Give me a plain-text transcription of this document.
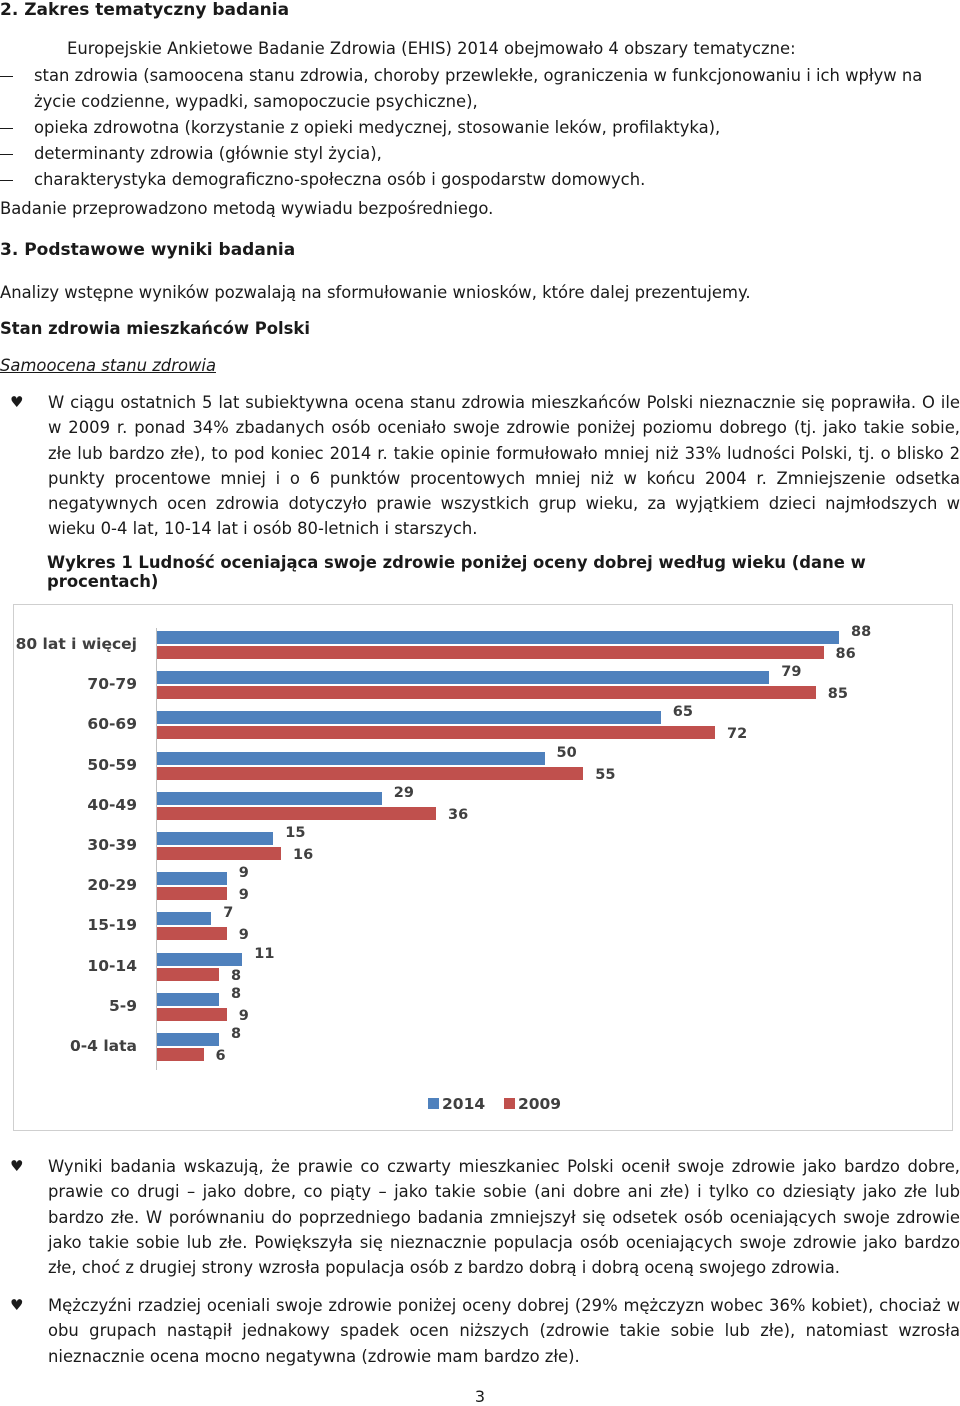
2. Zakres tematyczny badania
Europejskie Ankietowe Badanie Zdrowia (EHIS) 2014 obejmowało 4 obszary tematyczne:
stan zdrowia (samoocena stanu zdrowia, choroby przewlekłe, ograniczenia w funkcjonowaniu i ich wpływ na
życie codzienne, wypadki, samopoczucie psychiczne),
opieka zdrowotna (korzystanie z opieki medycznej, stosowanie leków, profilaktyka),
determinanty zdrowia (głównie styl życia),
charakterystyka demograficzno-społeczna osób i gospodarstw domowych.
Badanie przeprowadzono metodą wywiadu bezpośredniego.
3. Podstawowe wyniki badania
Analizy wstępne wyników pozwalają na sformułowanie wniosków, które dalej prezentujemy.
Stan zdrowia mieszkańców Polski
Samoocena stanu zdrowia
♥ W ciągu ostatnich 5 lat subiektywna ocena stanu zdrowia mieszkańców Polski nieznacznie się poprawiła. O ile w 2009 r. ponad 34% zbadanych osób oceniało swoje zdrowie poniżej poziomu dobrego (tj. jako takie sobie, złe lub bardzo złe), to pod koniec 2014 r. takie opinie formułowało mniej niż 33% ludności Polski, tj. o blisko 2 punkty procentowe mniej i o 6 punktów procentowych mniej niż w końcu 2004 r. Zmniejszenie odsetka negatywnych ocen zdrowia dotyczyło prawie wszystkich grup wieku, za wyjątkiem dzieci najmłodszych w wieku 0-4 lat, 10-14 lat i osób 80-letnich i starszych.
Wykres 1 Ludność oceniająca swoje zdrowie poniżej oceny dobrej według wieku (dane w procentach)
80 lat i więcej
88
86
70-79
79
85
60-69
65
72
50-59
50
55
40-49
29
36
30-39
15
16
20-29
9
9
15-19
7
9
10-14
11
8
5-9
8
9
0-4 lata
8
6
2014 2009
♥ Wyniki badania wskazują, że prawie co czwarty mieszkaniec Polski ocenił swoje zdrowie jako bardzo dobre, prawie co drugi – jako dobre, co piąty – jako takie sobie (ani dobre ani złe) i tylko co dziesiąty jako złe lub bardzo złe. W porównaniu do poprzedniego badania zmniejszył się odsetek osób oceniających swoje zdrowie jako takie sobie lub złe. Powiększyła się nieznacznie populacja osób oceniających swoje zdrowie jako bardzo złe, choć z drugiej strony wzrosła populacja osób z bardzo dobrą i dobrą oceną swojego zdrowia.
♥ Mężczyźni rzadziej oceniali swoje zdrowie poniżej oceny dobrej (29% mężczyzn wobec 36% kobiet), chociaż w obu grupach nastąpił jednakowy spadek ocen niższych (zdrowie takie sobie lub złe), natomiast wzrosła nieznacznie ocena mocno negatywna (zdrowie mam bardzo złe).
3
